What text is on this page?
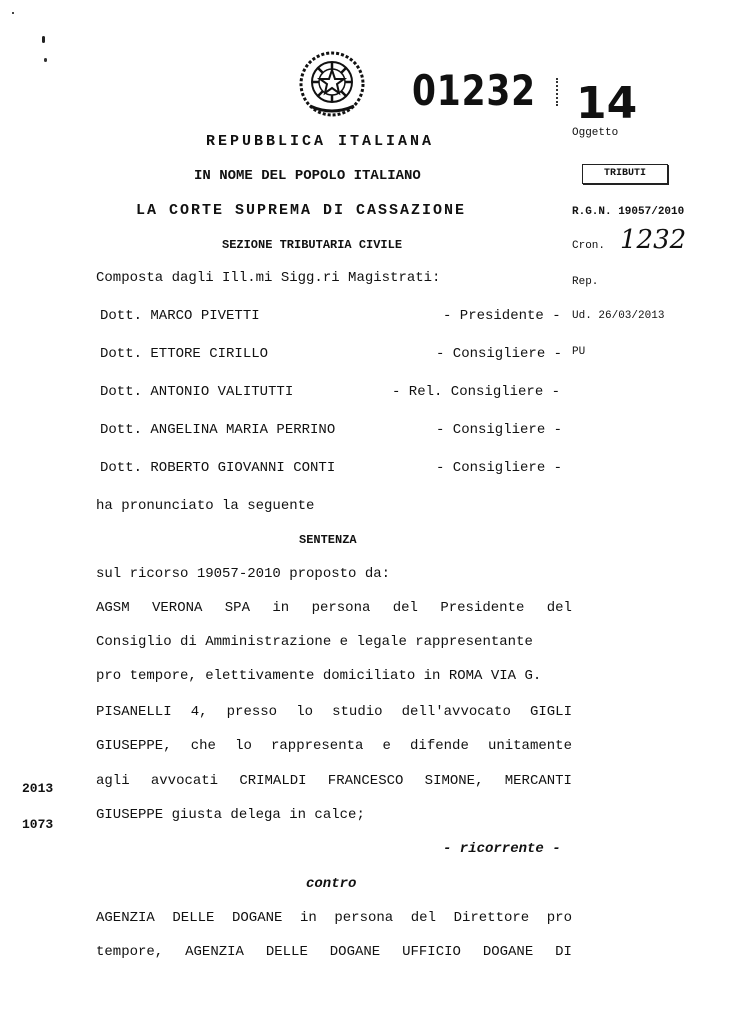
01232 14
Oggetto
TRIBUTI
R.G.N. 19057/2010
Cron. 1232
Rep.
Ud. 26/03/2013
PU
REPUBBLICA ITALIANA
IN NOME DEL POPOLO ITALIANO
LA CORTE SUPREMA DI CASSAZIONE
SEZIONE TRIBUTARIA CIVILE
Composta dagli Ill.mi Sigg.ri Magistrati:
Dott. MARCO PIVETTI	- Presidente -
Dott. ETTORE CIRILLO	- Consigliere -
Dott. ANTONIO VALITUTTI	- Rel. Consigliere -
Dott. ANGELINA MARIA PERRINO	- Consigliere -
Dott. ROBERTO GIOVANNI CONTI	- Consigliere -
ha pronunciato la seguente
SENTENZA
sul ricorso 19057-2010 proposto da:
AGSM VERONA SPA in persona del Presidente del
Consiglio di Amministrazione e legale rappresentante
pro tempore, elettivamente domiciliato in ROMA VIA G.
PISANELLI 4, presso lo studio dell'avvocato GIGLI
GIUSEPPE, che lo rappresenta e difende unitamente
agli avvocati CRIMALDI FRANCESCO SIMONE, MERCANTI
GIUSEPPE giusta delega in calce;
- ricorrente -
contro
AGENZIA DELLE DOGANE in persona del Direttore pro
tempore, AGENZIA DELLE DOGANE UFFICIO DOGANE DI
2013
1073
